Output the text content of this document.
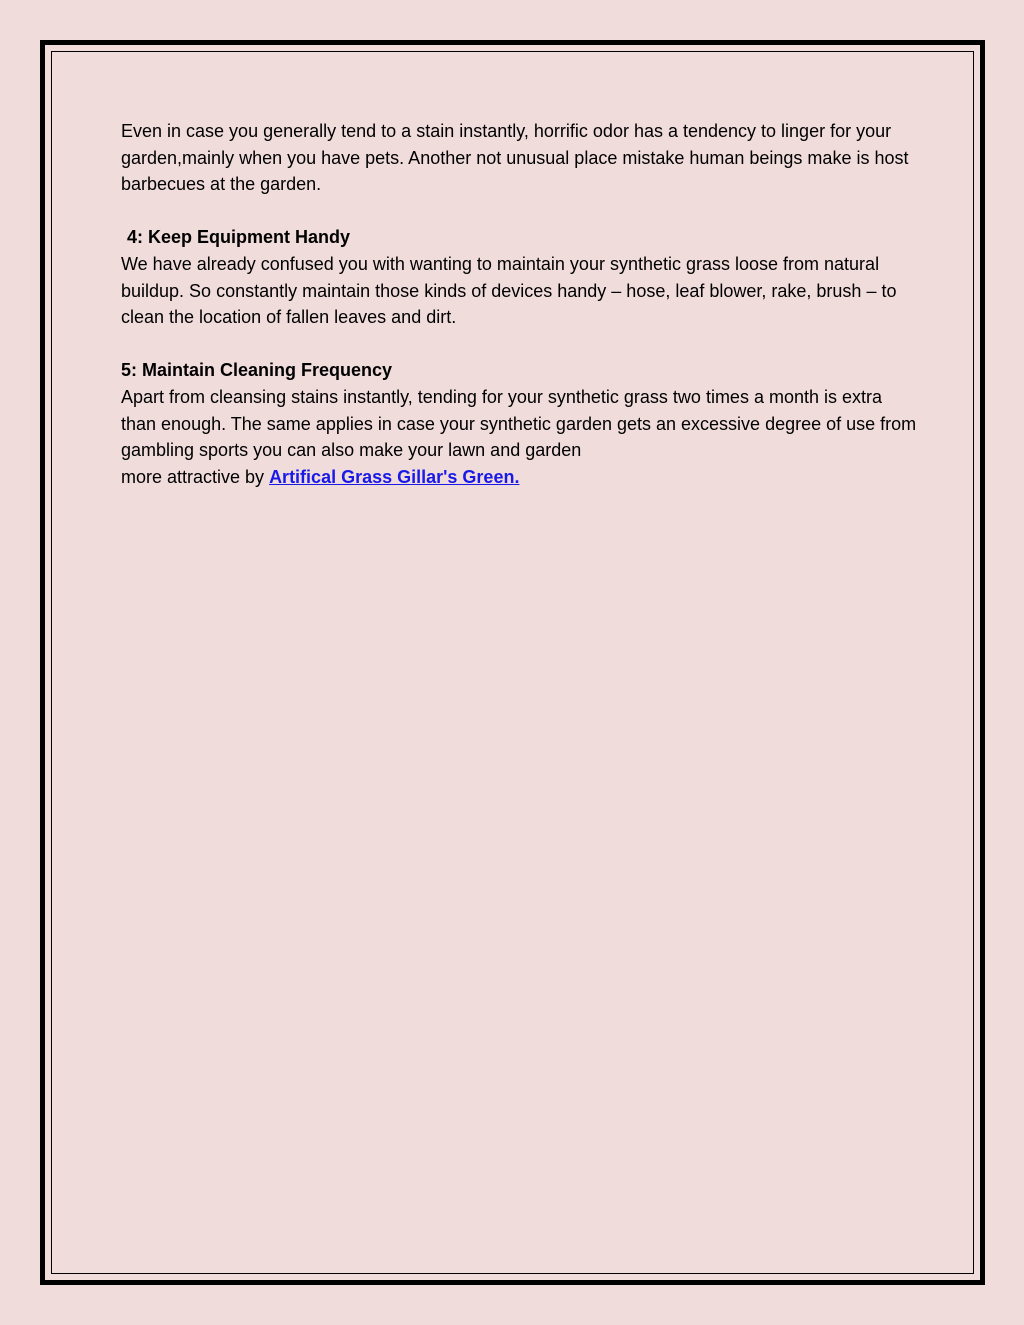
Even in case you generally tend to a stain instantly, horrific odor has a tendency to linger for your garden,mainly when you have pets. Another not unusual place mistake human beings make is host barbecues at the garden.

4: Keep Equipment Handy

We have already confused you with wanting to maintain your synthetic grass loose from natural buildup. So constantly maintain those kinds of devices handy – hose, leaf blower, rake, brush – to clean the location of fallen leaves and dirt.

5: Maintain Cleaning Frequency

Apart from cleansing stains instantly, tending for your synthetic grass two times a month is extra than enough. The same applies in case your synthetic garden gets an excessive degree of use from gambling sports you can also make your lawn and garden

more attractive by Artifical Grass Gillar's Green.
